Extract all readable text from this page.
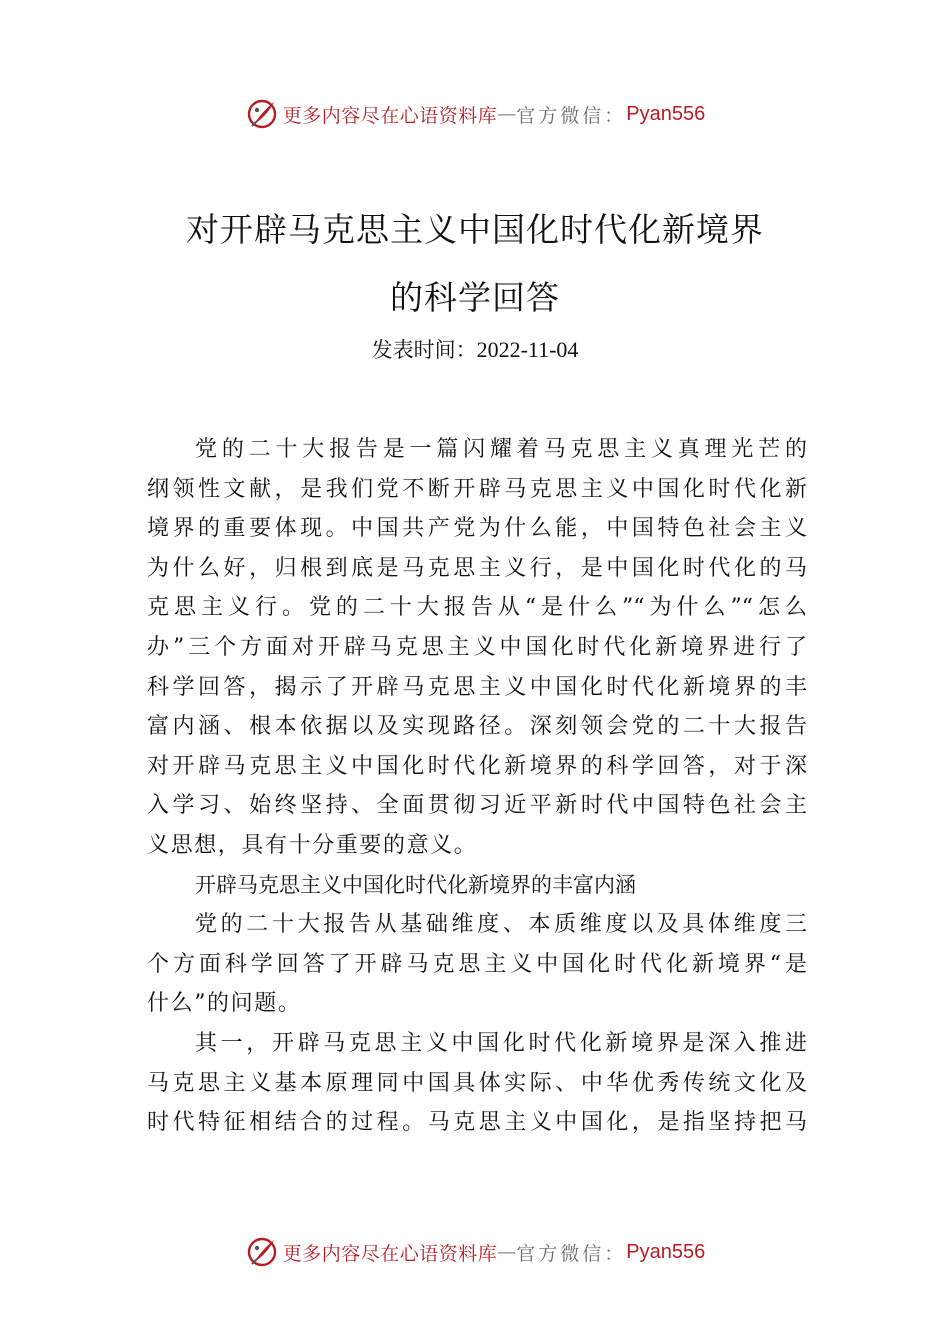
更多内容尽在心语资料库 — 官方微信： Pyan556
对开辟马克思主义中国化时代化新境界
的科学回答
发表时间：2022-11-04
党的二十大报告是一篇闪耀着马克思主义真理光芒的
纲领性文献，是我们党不断开辟马克思主义中国化时代化新
境界的重要体现。中国共产党为什么能，中国特色社会主义
为什么好，归根到底是马克思主义行，是中国化时代化的马
克思主义行。党的二十大报告从“是什么”“为什么”“怎么
办”三个方面对开辟马克思主义中国化时代化新境界进行了
科学回答，揭示了开辟马克思主义中国化时代化新境界的丰
富内涵、根本依据以及实现路径。深刻领会党的二十大报告
对开辟马克思主义中国化时代化新境界的科学回答，对于深
入学习、始终坚持、全面贯彻习近平新时代中国特色社会主
义思想，具有十分重要的意义。
开辟马克思主义中国化时代化新境界的丰富内涵
党的二十大报告从基础维度、本质维度以及具体维度三
个方面科学回答了开辟马克思主义中国化时代化新境界“是
什么”的问题。
其一，开辟马克思主义中国化时代化新境界是深入推进
马克思主义基本原理同中国具体实际、中华优秀传统文化及
时代特征相结合的过程。马克思主义中国化，是指坚持把马
更多内容尽在心语资料库 — 官方微信： Pyan556
